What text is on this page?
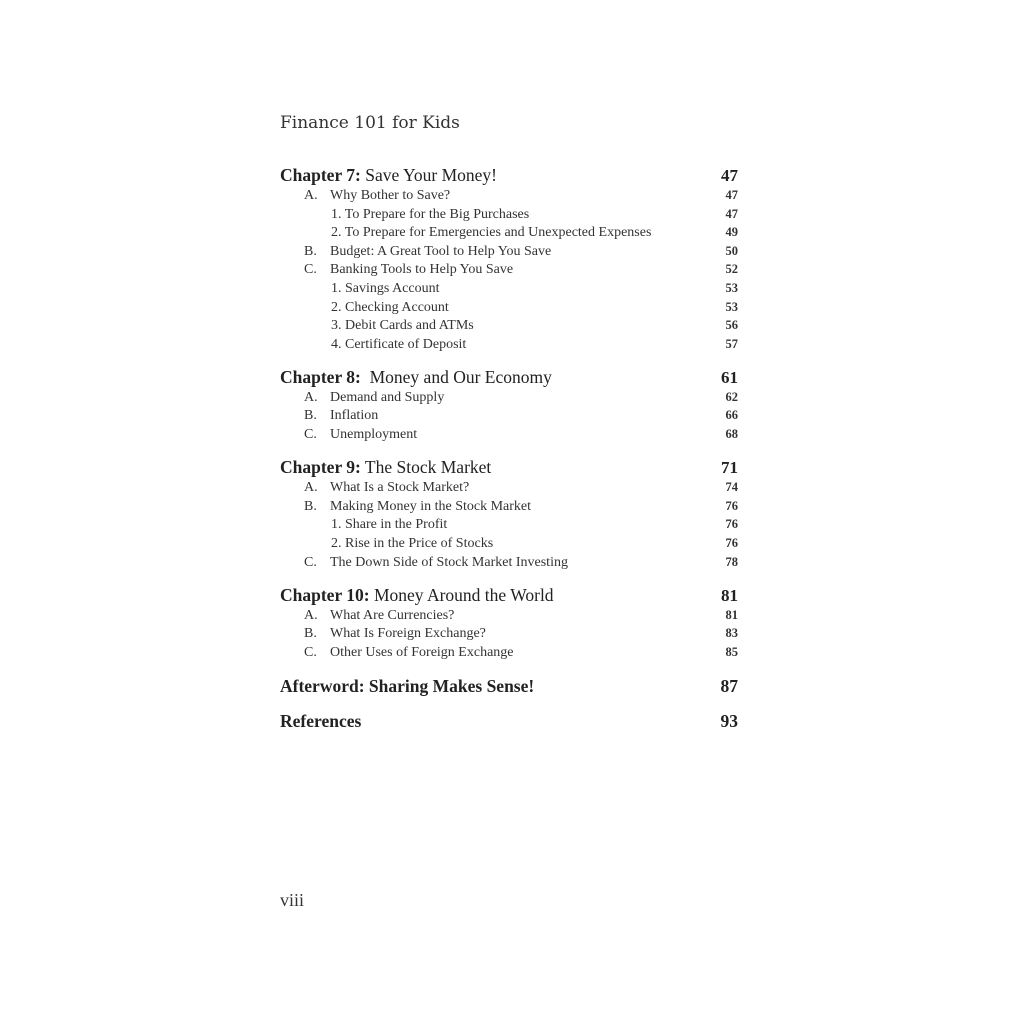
Finance 101 for Kids
Chapter 7: Save Your Money!	47
A. Why Bother to Save?	47
1. To Prepare for the Big Purchases	47
2. To Prepare for Emergencies and Unexpected Expenses	49
B. Budget: A Great Tool to Help You Save	50
C. Banking Tools to Help You Save	52
1. Savings Account	53
2. Checking Account	53
3. Debit Cards and ATMs	56
4. Certificate of Deposit	57
Chapter 8:  Money and Our Economy	61
A. Demand and Supply	62
B. Inflation	66
C. Unemployment	68
Chapter 9: The Stock Market	71
A. What Is a Stock Market?	74
B. Making Money in the Stock Market	76
1. Share in the Profit	76
2. Rise in the Price of Stocks	76
C. The Down Side of Stock Market Investing	78
Chapter 10: Money Around the World	81
A. What Are Currencies?	81
B. What Is Foreign Exchange?	83
C. Other Uses of Foreign Exchange	85
Afterword: Sharing Makes Sense!	87
References	93
viii
